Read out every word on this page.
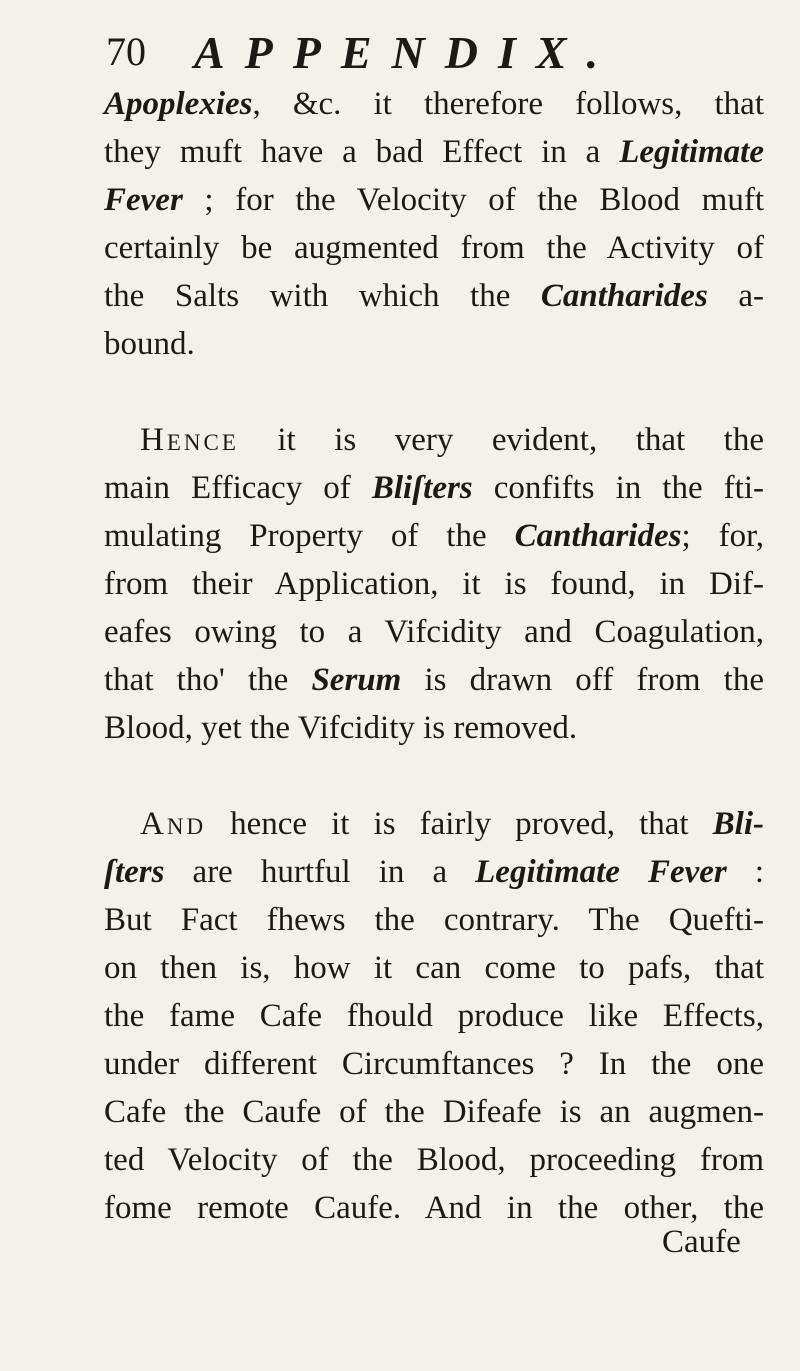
70 APPENDIX.
Apoplexies, &c. it therefore follows, that
they muft have a bad Effect in a Legitimate
Fever ; for the Velocity of the Blood muft
certainly be augmented from the Activity of
the Salts with which the Cantharides a-
bound.
Hence it is very evident, that the
main Efficacy of Bliſters confifts in the fti-
mulating Property of the Cantharides; for,
from their Application, it is found, in Dif-
eafes owing to a Vifcidity and Coagulation,
that tho' the Serum is drawn off from the
Blood, yet the Vifcidity is removed.
And hence it is fairly proved, that Bli-
ſters are hurtful in a Legitimate Fever :
But Fact fhews the contrary. The Quefti-
on then is, how it can come to pafs, that
the fame Cafe fhould produce like Effects,
under different Circumftances ? In the one
Cafe the Caufe of the Difeafe is an augmen-
ted Velocity of the Blood, proceeding from
fome remote Caufe. And in the other, the
Caufe
